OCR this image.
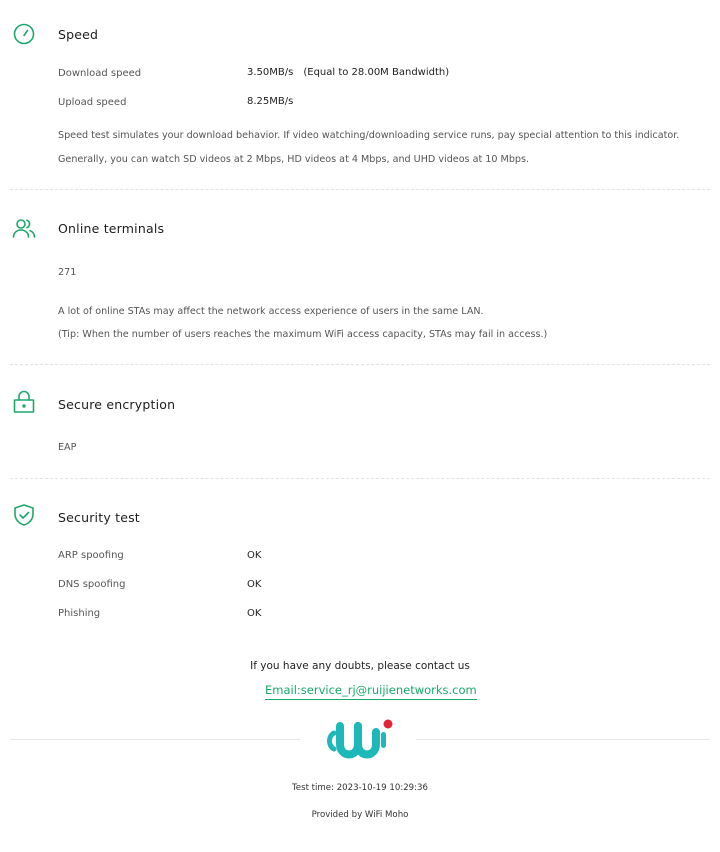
Speed
Download speed	3.50MB/s (Equal to 28.00M Bandwidth)
Upload speed	8.25MB/s
Speed test simulates your download behavior. If video watching/downloading service runs, pay special attention to this indicator. Generally, you can watch SD videos at 2 Mbps, HD videos at 4 Mbps, and UHD videos at 10 Mbps.
Online terminals
271
A lot of online STAs may affect the network access experience of users in the same LAN.
(Tip: When the number of users reaches the maximum WiFi access capacity, STAs may fail in access.)
Secure encryption
EAP
Security test
ARP spoofing	OK
DNS spoofing	OK
Phishing	OK
If you have any doubts, please contact us
Email:service_rj@ruijienetworks.com
Test time: 2023-10-19 10:29:36
Provided by WiFi Moho
